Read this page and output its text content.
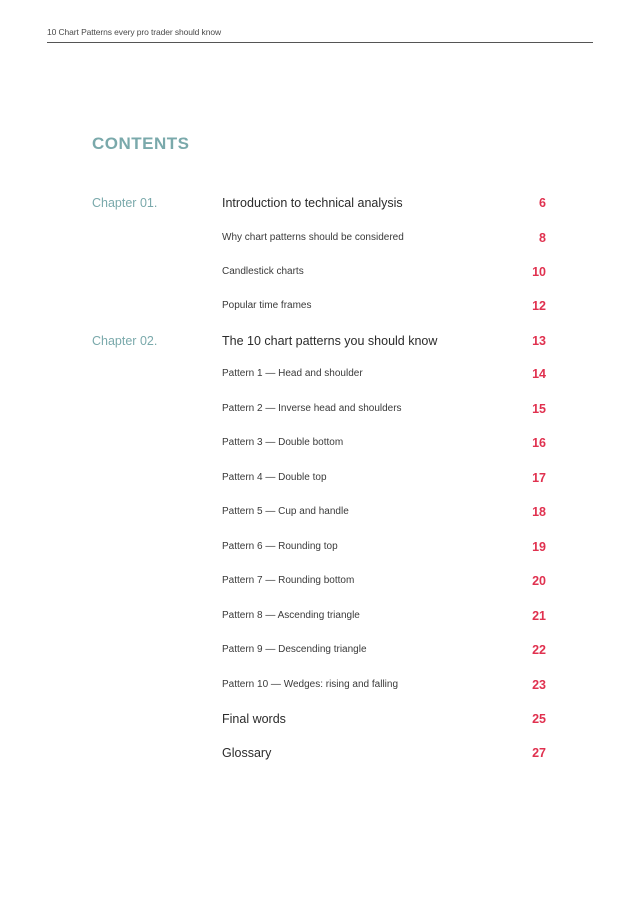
10 Chart Patterns every pro trader should know
CONTENTS
Chapter 01.	Introduction to technical analysis	6
Why chart patterns should be considered	8
Candlestick charts	10
Popular time frames	12
Chapter 02.	The 10 chart patterns you should know	13
Pattern 1 — Head and shoulder	14
Pattern 2 — Inverse head and shoulders	15
Pattern 3 — Double bottom	16
Pattern 4 — Double top	17
Pattern 5 — Cup and handle	18
Pattern 6 — Rounding top	19
Pattern 7 — Rounding bottom	20
Pattern 8 — Ascending triangle	21
Pattern 9 — Descending triangle	22
Pattern 10 — Wedges: rising and falling	23
Final words	25
Glossary	27
